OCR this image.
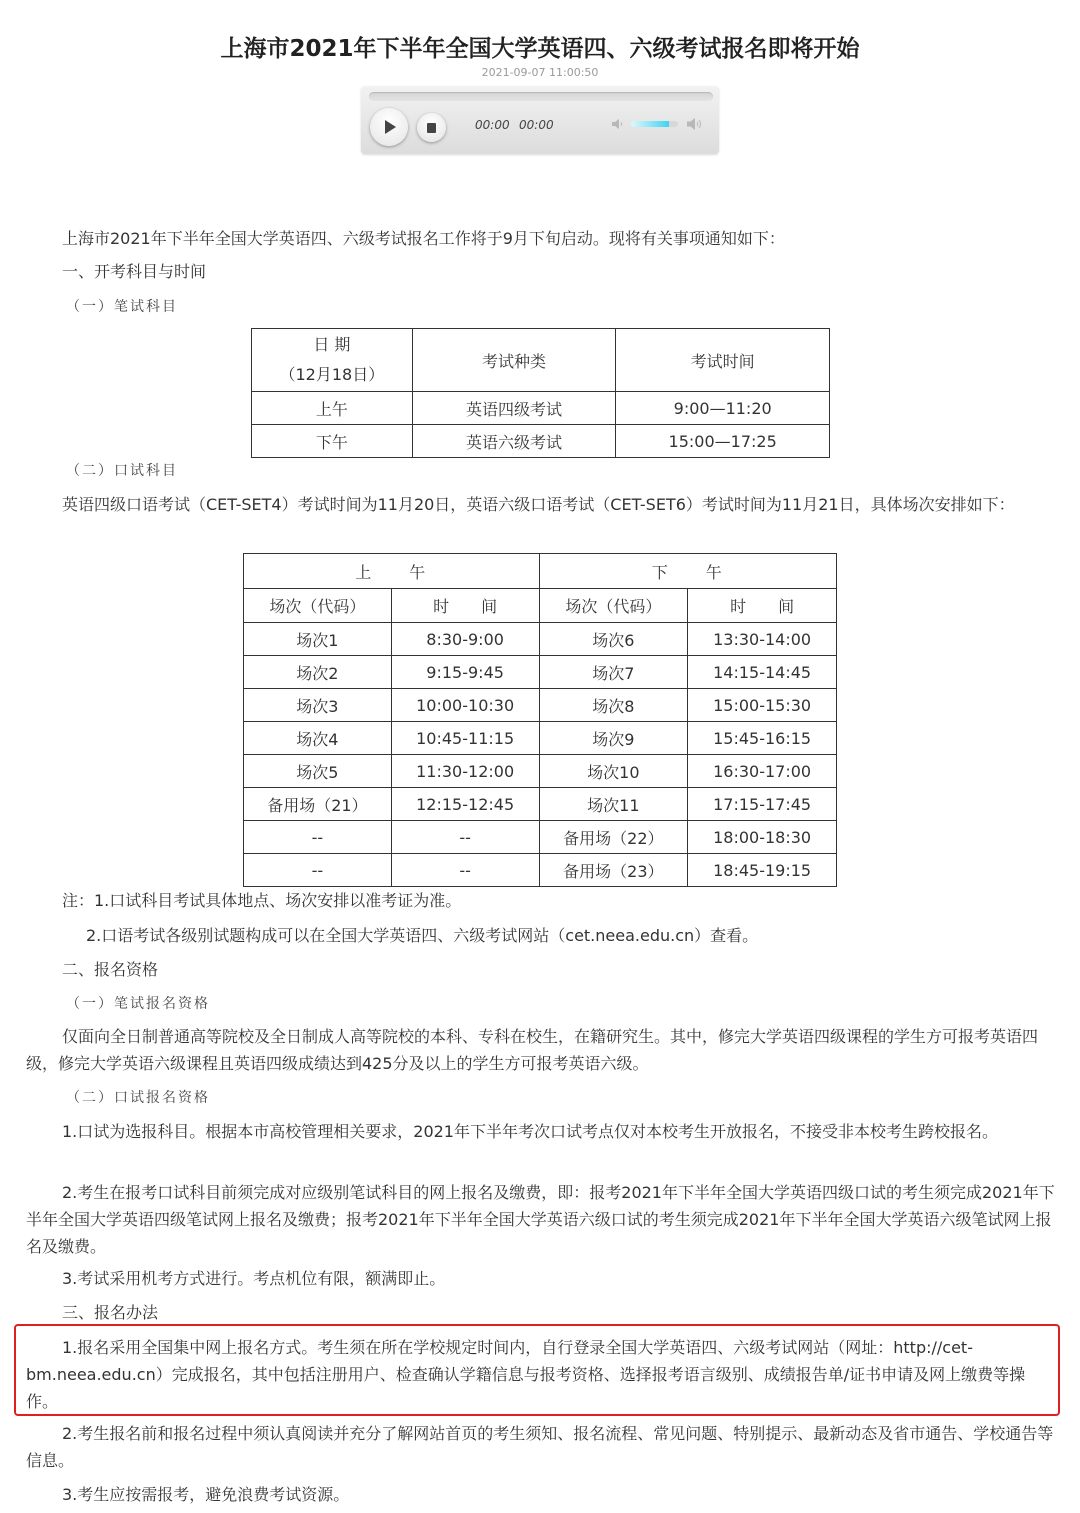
上海市2021年下半年全国大学英语四、六级考试报名即将开始
2021-09-07 11:00:50
00:00 00:00

上海市2021年下半年全国大学英语四、六级考试报名工作将于9月下旬启动。现将有关事项通知如下：

一、开考科目与时间

（一）笔试科目

日 期
（12月18日）	考试种类	考试时间
上午	英语四级考试	9:00—11:20
下午	英语六级考试	15:00—17:25

（二）口试科目

英语四级口语考试（CET-SET4）考试时间为11月20日，英语六级口语考试（CET-SET6）考试时间为11月21日，具体场次安排如下：

上　　午		下　　午	
场次（代码）	时　　间	场次（代码）	时　　间
场次1	8:30-9:00	场次6	13:30-14:00
场次2	9:15-9:45	场次7	14:15-14:45
场次3	10:00-10:30	场次8	15:00-15:30
场次4	10:45-11:15	场次9	15:45-16:15
场次5	11:30-12:00	场次10	16:30-17:00
备用场（21）	12:15-12:45	场次11	17:15-17:45
--	--	备用场（22）	18:00-18:30
--	--	备用场（23）	18:45-19:15

注：1.口试科目考试具体地点、场次安排以准考证为准。

2.口语考试各级别试题构成可以在全国大学英语四、六级考试网站（cet.neea.edu.cn）查看。

二、报名资格

（一）笔试报名资格

仅面向全日制普通高等院校及全日制成人高等院校的本科、专科在校生，在籍研究生。其中，修完大学英语四级课程的学生方可报考英语四级，修完大学英语六级课程且英语四级成绩达到425分及以上的学生方可报考英语六级。

（二）口试报名资格

1.口试为选报科目。根据本市高校管理相关要求，2021年下半年考次口试考点仅对本校考生开放报名，不接受非本校考生跨校报名。

2.考生在报考口试科目前须完成对应级别笔试科目的网上报名及缴费，即：报考2021年下半年全国大学英语四级口试的考生须完成2021年下半年全国大学英语四级笔试网上报名及缴费；报考2021年下半年全国大学英语六级口试的考生须完成2021年下半年全国大学英语六级笔试网上报名及缴费。

3.考试采用机考方式进行。考点机位有限，额满即止。

三、报名办法

1.报名采用全国集中网上报名方式。考生须在所在学校规定时间内，自行登录全国大学英语四、六级考试网站（网址：http://cet-bm.neea.edu.cn）完成报名，其中包括注册用户、检查确认学籍信息与报考资格、选择报考语言级别、成绩报告单/证书申请及网上缴费等操作。

2.考生报名前和报名过程中须认真阅读并充分了解网站首页的考生须知、报名流程、常见问题、特别提示、最新动态及省市通告、学校通告等信息。

3.考生应按需报考，避免浪费考试资源。
